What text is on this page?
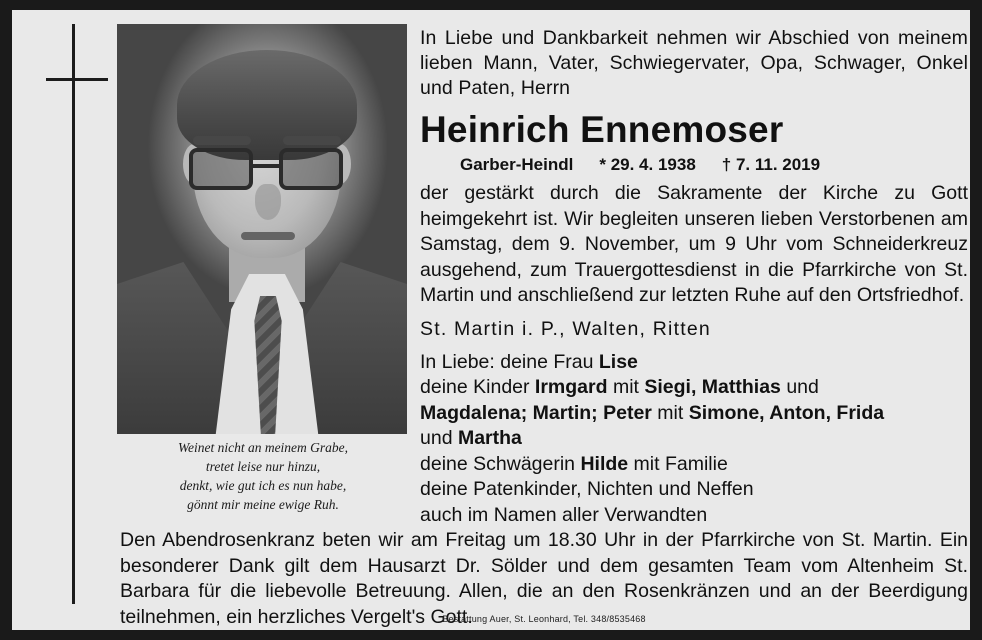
Weinet nicht an meinem Grabe,
tretet leise nur hinzu,
denkt, wie gut ich es nun habe,
gönnt mir meine ewige Ruh.
In Liebe und Dankbarkeit nehmen wir Abschied von meinem lieben Mann, Vater, Schwiegervater, Opa, Schwager, Onkel und Paten, Herrn
Heinrich Ennemoser
Garber-Heindl * 29. 4. 1938 † 7. 11. 2019
der gestärkt durch die Sakramente der Kirche zu Gott heimgekehrt ist. Wir begleiten unseren lieben Verstorbenen am Samstag, dem 9. November, um 9 Uhr vom Schneiderkreuz ausgehend, zum Trauergottesdienst in die Pfarrkirche von St. Martin und anschließend zur letzten Ruhe auf den Ortsfriedhof.
St. Martin i. P., Walten, Ritten
In Liebe: deine Frau Lise
deine Kinder Irmgard mit Siegi, Matthias und
Magdalena; Martin; Peter mit Simone, Anton, Frida
und Martha
deine Schwägerin Hilde mit Familie
deine Patenkinder, Nichten und Neffen
auch im Namen aller Verwandten
Den Abendrosenkranz beten wir am Freitag um 18.30 Uhr in der Pfarrkirche von St. Martin. Ein besonderer Dank gilt dem Hausarzt Dr. Sölder und dem gesamten Team vom Altenheim St. Barbara für die liebevolle Betreuung. Allen, die an den Rosenkränzen und an der Beerdigung teilnehmen, ein herzliches Vergelt's Gott.
Bestattung Auer, St. Leonhard, Tel. 348/8535468
